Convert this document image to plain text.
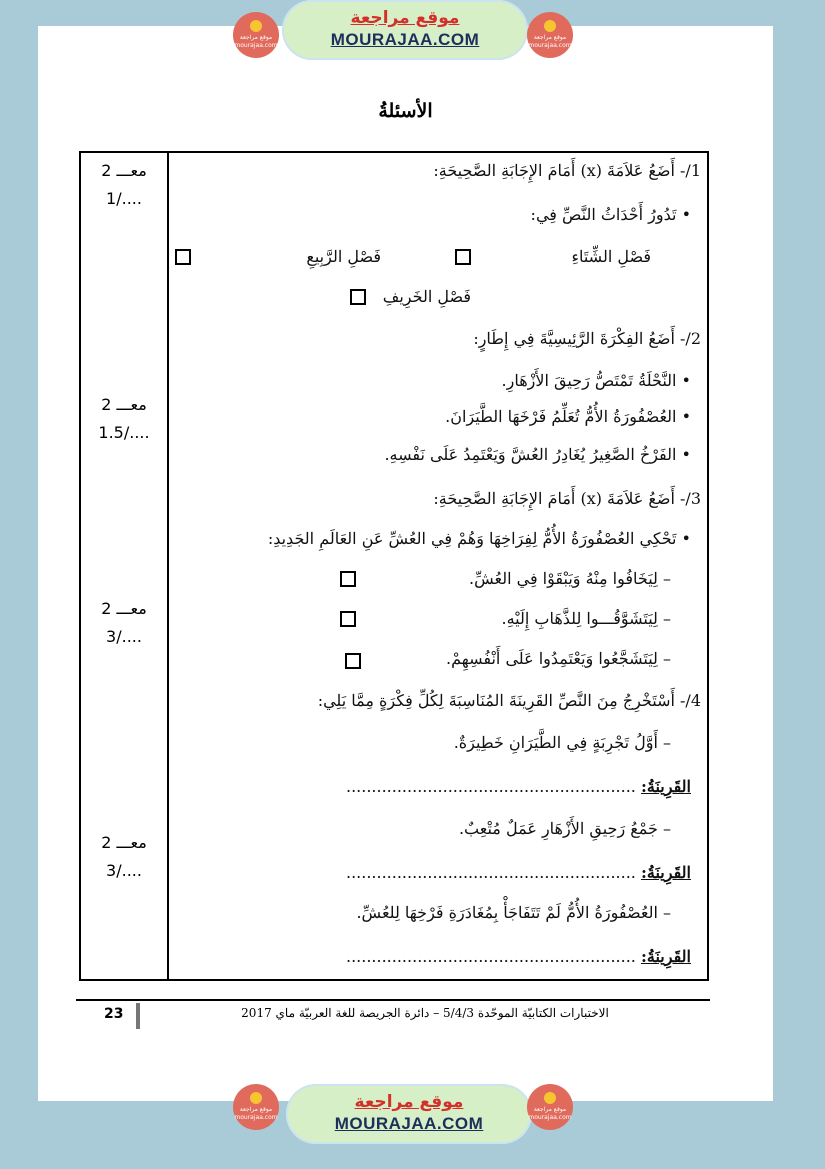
موقع مراجعة mourajaa.com
موقع مراجعة
MOURAJAA.COM	موقع مراجعة mourajaa.com
الأسئلةُ
معـــ 2
1/....
معـــ 2
1.5/....
معـــ 2
3/....
معـــ 2
3/....
1/- أَضَعُ عَلاَمَةَ (x) أَمَامَ الإِجَابَةِ الصَّحِيحَةِ:
• تَدُورُ أَحْدَاثُ النَّصِّ فِي:
فَصْلِ الشِّتَاءِ
فَصْلِ الرَّبِيعِ
فَصْلِ الخَرِيفِ
2/- أَضَعُ الفِكْرَةَ الرَّئِيسِيَّةَ فِي إِطَارٍ:
• النَّحْلَةُ تَمْتَصُّ رَحِيقَ الأَزْهَارِ.
• العُصْفُورَةُ الأُمُّ تُعَلِّمُ فَرْخَهَا الطَّيَرَانَ.
• الفَرْخُ الصَّغِيرُ يُغَادِرُ العُشَّ وَيَعْتَمِدُ عَلَى نَفْسِهِ.
3/- أَضَعُ عَلاَمَةَ (x) أَمَامَ الإِجَابَةِ الصَّحِيحَةِ:
• تَحْكِي العُصْفُورَةُ الأُمُّ لِفِرَاخِهَا وَهُمْ فِي العُشِّ عَنِ العَالَمِ الجَدِيدِ:
– لِيَخَافُوا مِنْهُ وَيَبْقَوْا فِي العُشِّ.
– لِيَتَشَوَّقُـــوا لِلذَّهَابِ إِلَيْهِ.
– لِيَتَشَجَّعُوا وَيَعْتَمِدُوا عَلَى أَنْفُسِهِمْ.
4/- أَسْتَخْرِجُ مِنَ النَّصِّ القَرِينَةَ المُنَاسِبَةَ لِكُلِّ فِكْرَةٍ مِمَّا يَلِي:
– أَوَّلُ تَجْرِبَةٍ فِي الطَّيَرَانِ خَطِيرَةٌ.
القَرِينَةُ: .........................................................
– جَمْعُ رَحِيقِ الأَزْهَارِ عَمَلٌ مُتْعِبٌ.
القَرِينَةُ: .........................................................
– العُصْفُورَةُ الأُمُّ لَمْ تَتَفَاجَأْ بِمُغَادَرَةِ فَرْخِهَا لِلعُشِّ.
القَرِينَةُ: .........................................................
23	الاختبارات الكتابيّة الموحّدة 5/4/3 – دائرة الجريصة للغة العربيّة ماي 2017
موقع مراجعة mourajaa.com
موقع مراجعة
MOURAJAA.COM
موقع مراجعة mourajaa.com
